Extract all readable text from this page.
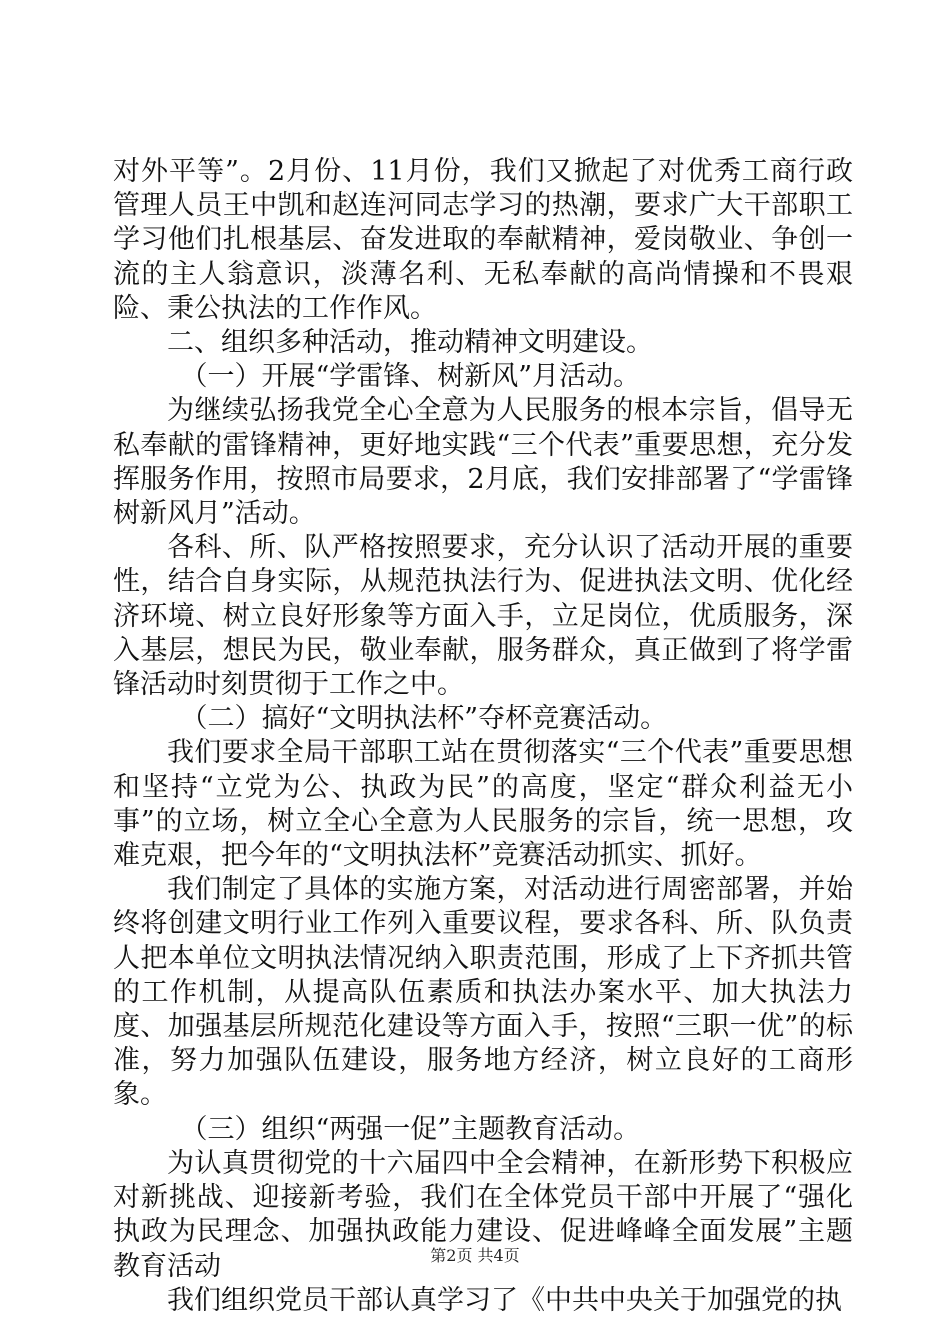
对外平等”。2月份、11月份，我们又掀起了对优秀工商行政管理人员王中凯和赵连河同志学习的热潮，要求广大干部职工学习他们扎根基层、奋发进取的奉献精神，爱岗敬业、争创一流的主人翁意识，淡薄名利、无私奉献的高尚情操和不畏艰险、秉公执法的工作作风。

二、组织多种活动，推动精神文明建设。

（一）开展“学雷锋、树新风”月活动。

为继续弘扬我党全心全意为人民服务的根本宗旨，倡导无私奉献的雷锋精神，更好地实践“三个代表”重要思想，充分发挥服务作用，按照市局要求，2月底，我们安排部署了“学雷锋树新风月”活动。

各科、所、队严格按照要求，充分认识了活动开展的重要性，结合自身实际，从规范执法行为、促进执法文明、优化经济环境、树立良好形象等方面入手，立足岗位，优质服务，深入基层，想民为民，敬业奉献，服务群众，真正做到了将学雷锋活动时刻贯彻于工作之中。

（二）搞好“文明执法杯”夺杯竞赛活动。

我们要求全局干部职工站在贯彻落实“三个代表”重要思想和坚持“立党为公、执政为民”的高度，坚定“群众利益无小事”的立场，树立全心全意为人民服务的宗旨，统一思想，攻难克艰，把今年的“文明执法杯”竞赛活动抓实、抓好。

我们制定了具体的实施方案，对活动进行周密部署，并始终将创建文明行业工作列入重要议程，要求各科、所、队负责人把本单位文明执法情况纳入职责范围，形成了上下齐抓共管的工作机制，从提高队伍素质和执法办案水平、加大执法力度、加强基层所规范化建设等方面入手，按照“三职一优”的标准，努力加强队伍建设，服务地方经济，树立良好的工商形象。

（三）组织“两强一促”主题教育活动。

为认真贯彻党的十六届四中全会精神，在新形势下积极应对新挑战、迎接新考验，我们在全体党员干部中开展了“强化执政为民理念、加强执政能力建设、促进峰峰全面发展”主题教育活动

我们组织党员干部认真学习了《中共中央关于加强党的执

第2页 共4页
